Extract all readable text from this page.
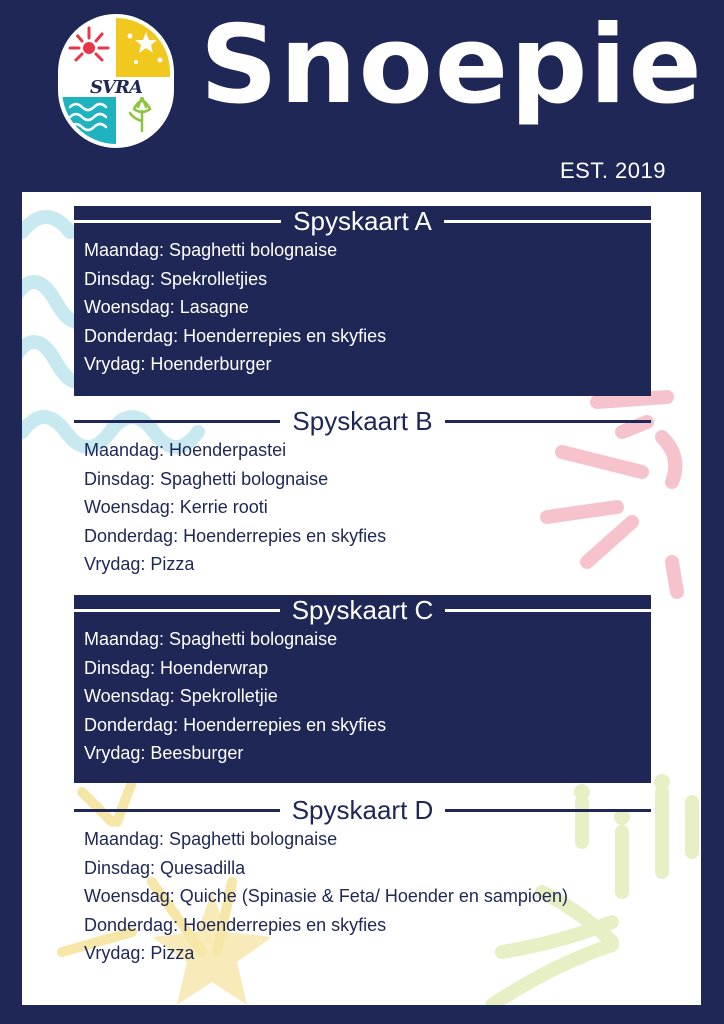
SVRA Snoepie
EST. 2019
Spyskaart A
Maandag: Spaghetti bolognaise
Dinsdag: Spekrolletjies
Woensdag: Lasagne
Donderdag: Hoenderrepies en skyfies
Vrydag: Hoenderburger
Spyskaart B
Maandag: Hoenderpastei
Dinsdag: Spaghetti bolognaise
Woensdag: Kerrie rooti
Donderdag: Hoenderrepies en skyfies
Vrydag: Pizza
Spyskaart C
Maandag: Spaghetti bolognaise
Dinsdag: Hoenderwrap
Woensdag: Spekrolletjie
Donderdag: Hoenderrepies en skyfies
Vrydag: Beesburger
Spyskaart D
Maandag: Spaghetti bolognaise
Dinsdag: Quesadilla
Woensdag: Quiche (Spinasie & Feta/ Hoender en sampioen)
Donderdag: Hoenderrepies en skyfies
Vrydag: Pizza
